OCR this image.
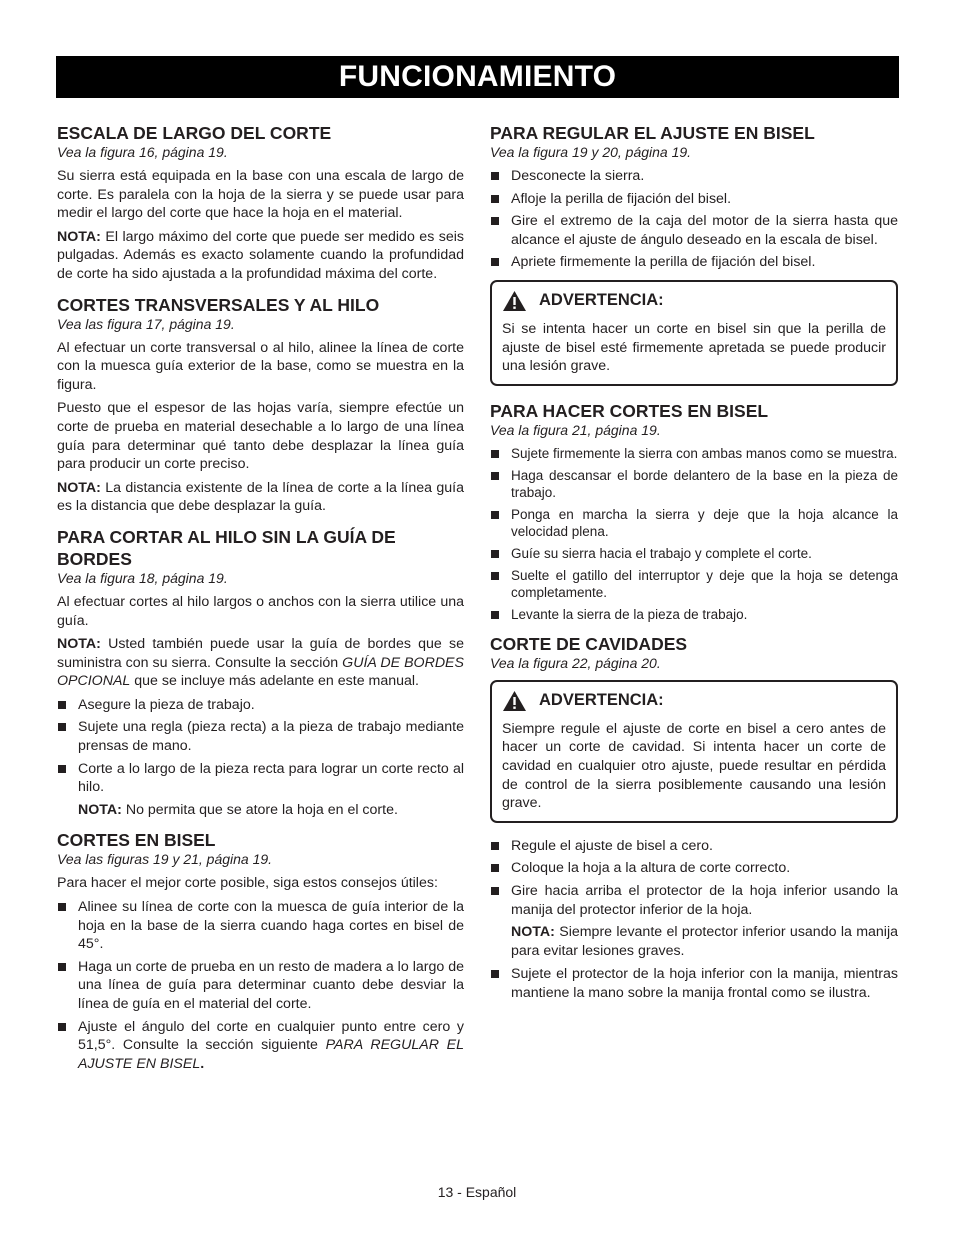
FUNCIONAMIENTO
ESCALA DE LARGO DEL CORTE
Vea la figura 16, página 19.

Su sierra está equipada en la base con una escala de largo de corte. Es paralela con la hoja de la sierra y se puede usar para medir el largo del corte que hace la hoja en el material.

NOTA: El largo máximo del corte que puede ser medido es seis pulgadas. Además es exacto solamente cuando la profundidad de corte ha sido ajustada a la profundidad máxima del corte.

CORTES TRANSVERSALES Y AL HILO
Vea las figura 17, página 19.

Al efectuar un corte transversal o al hilo, alinee la línea de corte con la muesca guía exterior de la base, como se muestra en la figura.

Puesto que el espesor de las hojas varía, siempre efectúe un corte de prueba en material desechable a lo largo de una línea guía para determinar qué tanto debe desplazar la línea guía para producir un corte preciso.

NOTA: La distancia existente de la línea de corte a la línea guía es la distancia que debe desplazar la guía.

PARA CORTAR AL HILO SIN LA GUÍA DE BORDES
Vea la figura 18, página 19.

Al efectuar cortes al hilo largos o anchos con la sierra utilice una guía.

NOTA: Usted también puede usar la guía de bordes que se suministra con su sierra. Consulte la sección GUÍA DE BORDES OPCIONAL que se incluye más adelante en este manual.

Asegure la pieza de trabajo.
Sujete una regla (pieza recta) a la pieza de trabajo mediante prensas de mano.
Corte a lo largo de la pieza recta para lograr un corte recto al hilo.

NOTA: No permita que se atore la hoja en el corte.

CORTES EN BISEL
Vea las figuras 19 y 21, página 19.

Para hacer el mejor corte posible, siga estos consejos útiles:

Alinee su línea de corte con la muesca de guía interior de la hoja en la base de la sierra cuando haga cortes en bisel de 45°.
Haga un corte de prueba en un resto de madera a lo largo de una línea de guía para determinar cuanto debe desviar la línea de guía en el material del corte.
Ajuste el ángulo del corte en cualquier punto entre cero y 51,5°. Consulte la sección siguiente PARA REGULAR EL AJUSTE EN BISEL.
PARA REGULAR EL AJUSTE EN BISEL
Vea la figura 19 y 20, página 19.
Desconecte la sierra.
Afloje la perilla de fijación del bisel.
Gire el extremo de la caja del motor de la sierra hasta que alcance el ajuste de ángulo deseado en la escala de bisel.
Apriete firmemente la perilla de fijación del bisel.
ADVERTENCIA:

Si se intenta hacer un corte en bisel sin que la perilla de ajuste de bisel esté firmemente apretada se puede producir una lesión grave.

PARA HACER CORTES EN BISEL
Vea la figura 21, página 19.
Sujete firmemente la sierra con ambas manos como se muestra.
Haga descansar el borde delantero de la base en la pieza de trabajo.
Ponga en marcha la sierra y deje que la hoja alcance la velocidad plena.
Guíe su sierra hacia el trabajo y complete el corte.
Suelte el gatillo del interruptor y deje que la hoja se detenga completamente.
Levante la sierra de la pieza de trabajo.
CORTE DE CAVIDADES
Vea la figura 22, página 20.
ADVERTENCIA:

Siempre regule el ajuste de corte en bisel a cero antes de hacer un corte de cavidad. Si intenta hacer un corte de cavidad en cualquier otro ajuste, puede resultar en pérdida de control de la sierra posiblemente causando una lesión grave.

Regule el ajuste de bisel a cero.
Coloque la hoja a la altura de corte correcto.
Gire hacia arriba el protector de la hoja inferior usando la manija del protector inferior de la hoja.

NOTA: Siempre levante el protector inferior usando la manija para evitar lesiones graves.

Sujete el protector de la hoja inferior con la manija, mientras mantiene la mano sobre la manija frontal como se ilustra.
13 - Español
